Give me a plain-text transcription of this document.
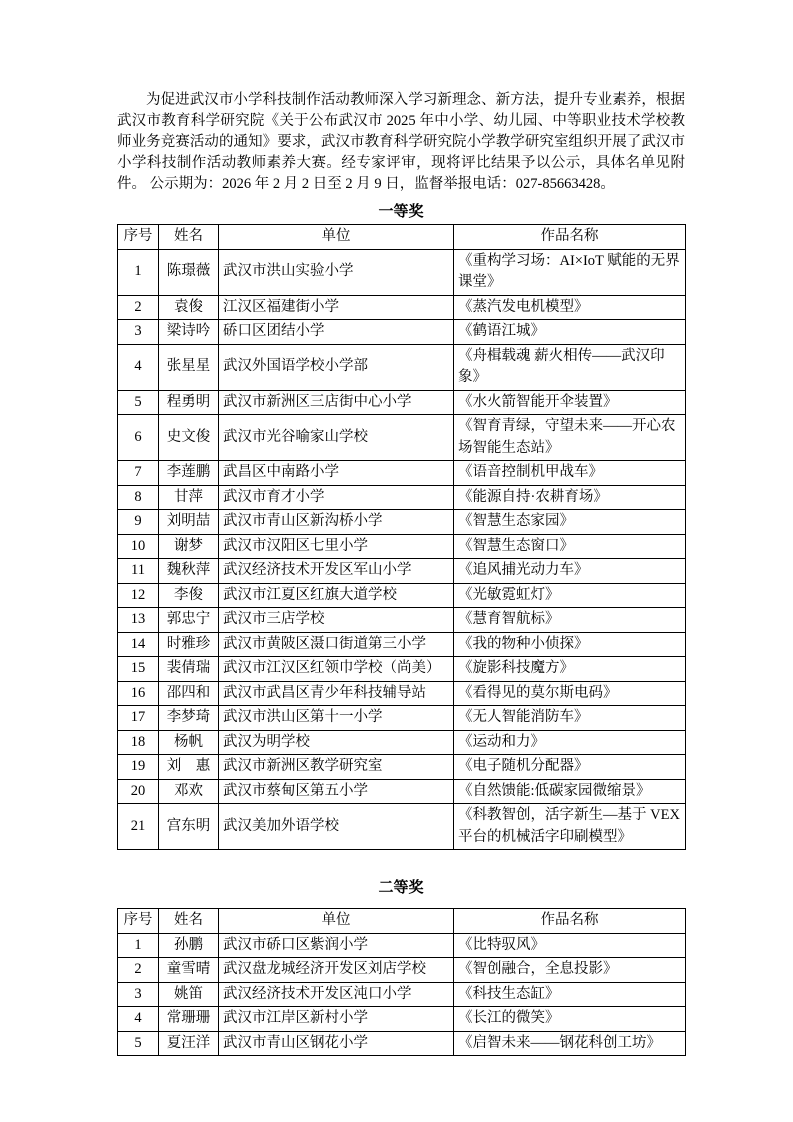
为促进武汉市小学科技制作活动教师深入学习新理念、新方法，提升专业素养，根据武汉市教育科学研究院《关于公布武汉市 2025 年中小学、幼儿园、中等职业技术学校教师业务竞赛活动的通知》要求，武汉市教育科学研究院小学教学研究室组织开展了武汉市小学科技制作活动教师素养大赛。经专家评审，现将评比结果予以公示，具体名单见附件。 公示期为：2026 年 2 月 2 日至 2 月 9 日，监督举报电话：027-85663428。

一等奖
序号	姓名	单位	作品名称
1	陈璟薇	武汉市洪山实验小学	《重构学习场：AI×IoT 赋能的无界课堂》
2	袁俊	江汉区福建街小学	《蒸汽发电机模型》
3	梁诗吟	硚口区团结小学	《鹤语江城》
4	张星星	武汉外国语学校小学部	《舟楫载魂 薪火相传——武汉印象》
5	程勇明	武汉市新洲区三店街中心小学	《水火箭智能开伞装置》
6	史文俊	武汉市光谷喻家山学校	《智育青绿，守望未来——开心农场智能生态站》
7	李莲鹏	武昌区中南路小学	《语音控制机甲战车》
8	甘萍	武汉市育才小学	《能源自持·农耕育场》
9	刘明喆	武汉市青山区新沟桥小学	《智慧生态家园》
10	谢梦	武汉市汉阳区七里小学	《智慧生态窗口》
11	魏秋萍	武汉经济技术开发区军山小学	《追风捕光动力车》
12	李俊	武汉市江夏区红旗大道学校	《光敏霓虹灯》
13	郭忠宁	武汉市三店学校	《慧育智航标》
14	时雅珍	武汉市黄陂区滠口街道第三小学	《我的物种小侦探》
15	裴倩瑞	武汉市江汉区红领巾学校（尚美）	《旋影科技魔方》
16	邵四和	武汉市武昌区青少年科技辅导站	《看得见的莫尔斯电码》
17	李梦琦	武汉市洪山区第十一小学	《无人智能消防车》
18	杨帆	武汉为明学校	《运动和力》
19	刘　惠	武汉市新洲区教学研究室	《电子随机分配器》
20	邓欢	武汉市蔡甸区第五小学	《自然馈能:低碳家园微缩景》
21	宫东明	武汉美加外语学校	《科教智创，活字新生—基于 VEX 平台的机械活字印刷模型》
二等奖
序号	姓名	单位	作品名称
1	孙鹏	武汉市硚口区紫润小学	《比特驭风》
2	童雪晴	武汉盘龙城经济开发区刘店学校	《智创融合，全息投影》
3	姚笛	武汉经济技术开发区沌口小学	《科技生态缸》
4	常珊珊	武汉市江岸区新村小学	《长江的微笑》
5	夏汪洋	武汉市青山区钢花小学	《启智未来——钢花科创工坊》
